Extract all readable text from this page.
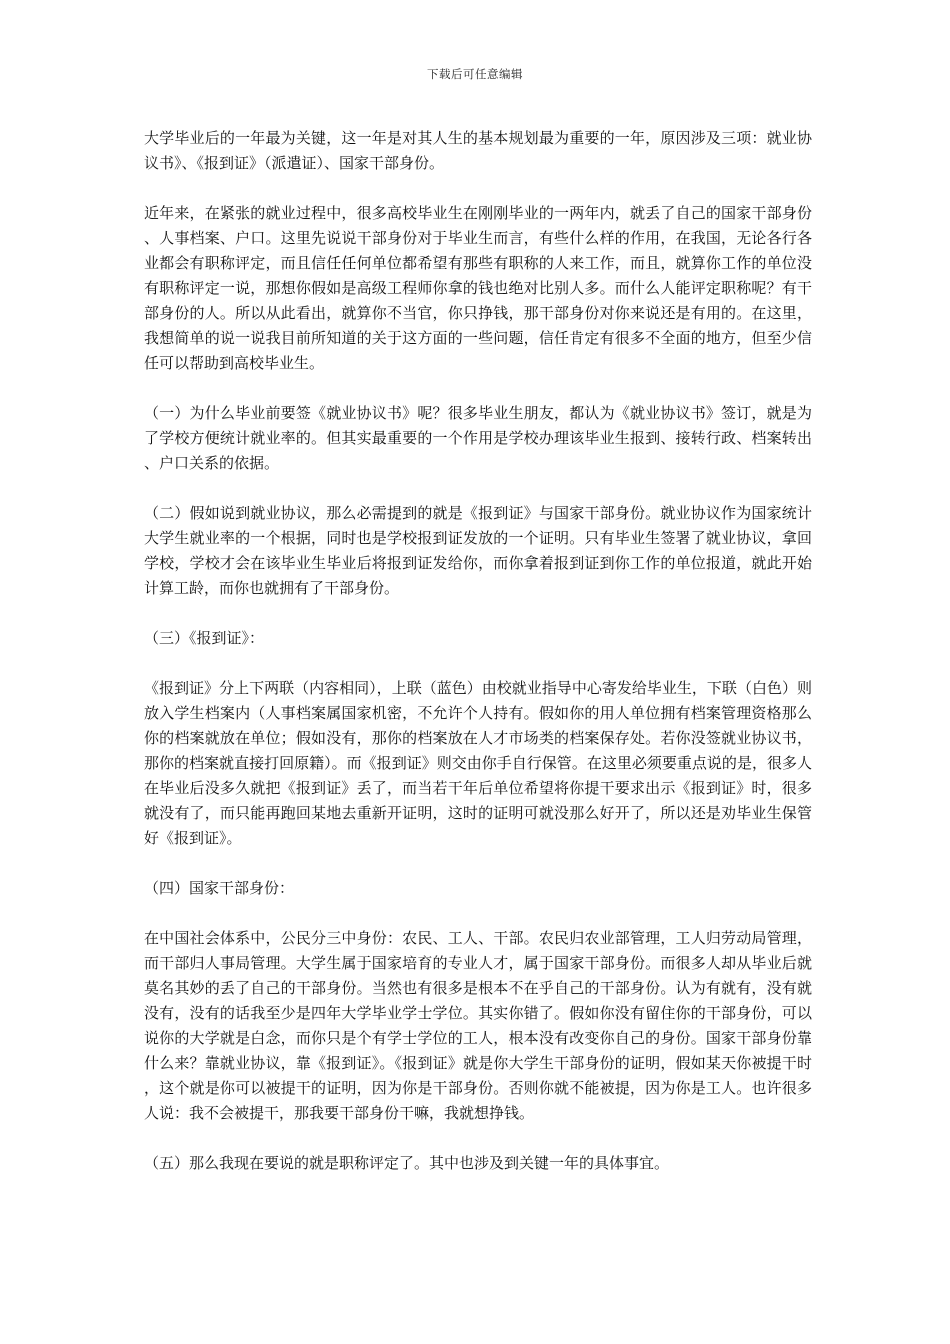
下载后可任意编辑

大学毕业后的一年最为关键，这一年是对其人生的基本规划最为重要的一年，原因涉及三项：就业协议书》、《报到证》（派遣证）、国家干部身份。

近年来，在紧张的就业过程中，很多高校毕业生在刚刚毕业的一两年内，就丢了自己的国家干部身份、人事档案、户口。这里先说说干部身份对于毕业生而言，有些什么样的作用，在我国，无论各行各业都会有职称评定，而且信任任何单位都希望有那些有职称的人来工作，而且，就算你工作的单位没有职称评定一说，那想你假如是高级工程师你拿的钱也绝对比别人多。而什么人能评定职称呢？有干部身份的人。所以从此看出，就算你不当官，你只挣钱，那干部身份对你来说还是有用的。在这里，我想简单的说一说我目前所知道的关于这方面的一些问题，信任肯定有很多不全面的地方，但至少信任可以帮助到高校毕业生。

（一）为什么毕业前要签《就业协议书》呢？很多毕业生朋友，都认为《就业协议书》签订，就是为了学校方便统计就业率的。但其实最重要的一个作用是学校办理该毕业生报到、接转行政、档案转出、户口关系的依据。

（二）假如说到就业协议，那么必需提到的就是《报到证》与国家干部身份。就业协议作为国家统计大学生就业率的一个根据，同时也是学校报到证发放的一个证明。只有毕业生签署了就业协议，拿回学校，学校才会在该毕业生毕业后将报到证发给你，而你拿着报到证到你工作的单位报道，就此开始计算工龄，而你也就拥有了干部身份。

（三）《报到证》：

《报到证》分上下两联（内容相同），上联（蓝色）由校就业指导中心寄发给毕业生，下联（白色）则放入学生档案内（人事档案属国家机密，不允许个人持有。假如你的用人单位拥有档案管理资格那么你的档案就放在单位；假如没有，那你的档案放在人才市场类的档案保存处。若你没签就业协议书，那你的档案就直接打回原籍）。而《报到证》则交由你手自行保管。在这里必须要重点说的是，很多人在毕业后没多久就把《报到证》丢了，而当若干年后单位希望将你提干要求出示《报到证》时，很多就没有了，而只能再跑回某地去重新开证明，这时的证明可就没那么好开了，所以还是劝毕业生保管好《报到证》。

（四）国家干部身份：

在中国社会体系中，公民分三中身份：农民、工人、干部。农民归农业部管理，工人归劳动局管理，而干部归人事局管理。大学生属于国家培育的专业人才，属于国家干部身份。而很多人却从毕业后就莫名其妙的丢了自己的干部身份。当然也有很多是根本不在乎自己的干部身份。认为有就有，没有就没有，没有的话我至少是四年大学毕业学士学位。其实你错了。假如你没有留住你的干部身份，可以说你的大学就是白念，而你只是个有学士学位的工人，根本没有改变你自己的身份。国家干部身份靠什么来？靠就业协议，靠《报到证》。《报到证》就是你大学生干部身份的证明，假如某天你被提干时，这个就是你可以被提干的证明，因为你是干部身份。否则你就不能被提，因为你是工人。也许很多人说：我不会被提干，那我要干部身份干嘛，我就想挣钱。

（五）那么我现在要说的就是职称评定了。其中也涉及到关键一年的具体事宜。
